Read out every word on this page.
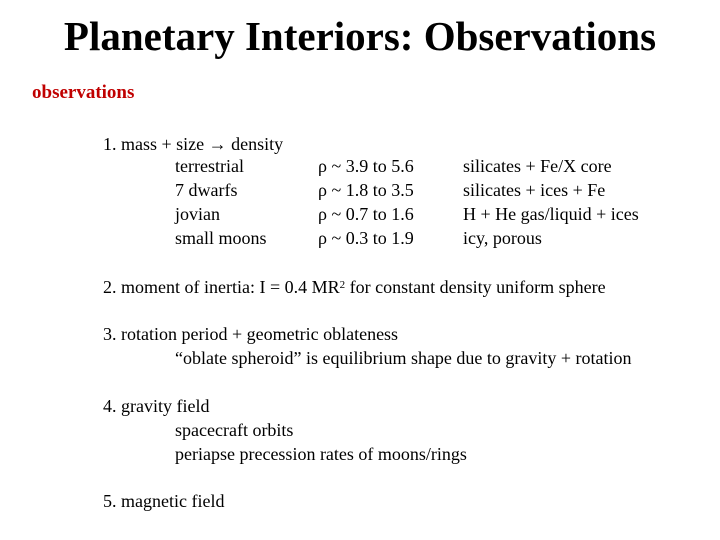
Planetary Interiors: Observations
observations
1. mass + size → density
terrestrial	ρ ~ 3.9 to 5.6	silicates + Fe/X core
7 dwarfs	ρ ~ 1.8 to 3.5	silicates + ices + Fe
jovian	ρ ~ 0.7 to 1.6	H + He gas/liquid + ices
small moons	ρ ~ 0.3 to 1.9	icy, porous
2. moment of inertia: I = 0.4 $MR^2$ for constant density uniform sphere
3. rotation period + geometric oblateness
“oblate spheroid” is equilibrium shape due to gravity + rotation
4. gravity field
spacecraft orbits
periapse precession rates of moons/rings
5. magnetic field
